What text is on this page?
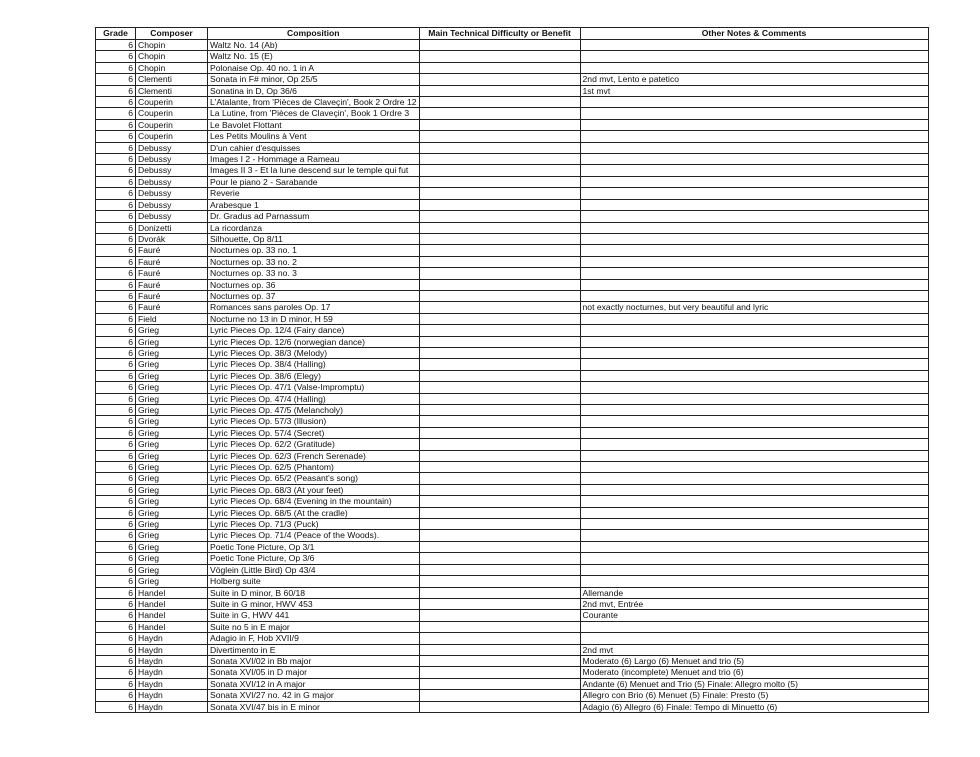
Grade	Composer	Composition	Main Technical Difficulty or Benefit	Other Notes & Comments
6	Chopin	Waltz No. 14 (Ab)		
6	Chopin	Waltz No. 15 (E)		
6	Chopin	Polonaise Op. 40 no. 1 in A		
6	Clementi	Sonata in F# minor, Op 25/5		2nd mvt, Lento e patetico
6	Clementi	Sonatina in D, Op 36/6		1st mvt
6	Couperin	L'Atalante, from 'Pièces de Claveçin', Book 2 Ordre 12		
6	Couperin	La Lutine, from 'Pièces de Claveçin', Book 1 Ordre 3		
6	Couperin	Le Bavolet Flottant		
6	Couperin	Les Petits Moulins à Vent		
6	Debussy	D'un cahier d'esquisses		
6	Debussy	Images I 2 - Hommage a Rameau		
6	Debussy	Images II 3 - Et la lune descend sur le temple qui fut		
6	Debussy	Pour le piano 2 - Sarabande		
6	Debussy	Reverie		
6	Debussy	Arabesque 1		
6	Debussy	Dr. Gradus ad Parnassum		
6	Donizetti	La ricordanza		
6	Dvorák	Silhouette, Op 8/11		
6	Fauré	Nocturnes op. 33 no. 1		
6	Fauré	Nocturnes op. 33 no. 2		
6	Fauré	Nocturnes op. 33 no. 3		
6	Fauré	Nocturnes op. 36		
6	Fauré	Nocturnes op. 37		
6	Fauré	Romances sans paroles Op. 17		not exactly nocturnes, but very beautiful and lyric
6	Field	Nocturne no 13 in D minor, H 59		
6	Grieg	Lyric Pieces Op. 12/4 (Fairy dance)		
6	Grieg	Lyric Pieces Op. 12/6 (norwegian dance)		
6	Grieg	Lyric Pieces Op. 38/3 (Melody)		
6	Grieg	Lyric Pieces Op. 38/4 (Halling)		
6	Grieg	Lyric Pieces Op. 38/6 (Elegy)		
6	Grieg	Lyric Pieces Op. 47/1 (Valse-Impromptu)		
6	Grieg	Lyric Pieces Op. 47/4 (Halling)		
6	Grieg	Lyric Pieces Op. 47/5 (Melancholy)		
6	Grieg	Lyric Pieces Op. 57/3 (Illusion)		
6	Grieg	Lyric Pieces Op. 57/4 (Secret)		
6	Grieg	Lyric Pieces Op. 62/2 (Gratitude)		
6	Grieg	Lyric Pieces Op. 62/3 (French Serenade)		
6	Grieg	Lyric Pieces Op. 62/5 (Phantom)		
6	Grieg	Lyric Pieces Op. 65/2 (Peasant's song)		
6	Grieg	Lyric Pieces Op. 68/3 (At your feet)		
6	Grieg	Lyric Pieces Op. 68/4 (Evening in the mountain)		
6	Grieg	Lyric Pieces Op. 68/5 (At the cradle)		
6	Grieg	Lyric Pieces Op. 71/3 (Puck)		
6	Grieg	Lyric Pieces Op. 71/4 (Peace of the Woods).		
6	Grieg	Poetic Tone Picture, Op 3/1		
6	Grieg	Poetic Tone Picture, Op 3/6		
6	Grieg	Vöglein (Little Bird) Op 43/4		
6	Grieg	Holberg suite		
6	Handel	Suite in D minor, B 60/18		Allemande
6	Handel	Suite in G minor, HWV 453		2nd mvt, Entrée
6	Handel	Suite in G, HWV 441		Courante
6	Handel	Suite no 5 in E major		
6	Haydn	Adagio in F, Hob XVII/9		
6	Haydn	Divertimento in E		2nd mvt
6	Haydn	Sonata XVI/02 in Bb major		Moderato (6) Largo (6) Menuet and trio (5)
6	Haydn	Sonata XVI/05 in D major		Moderato (incomplete) Menuet and trio (6)
6	Haydn	Sonata XVI/12 in A major		Andante (6) Menuet and Trio (5) Finale: Allegro molto (5)
6	Haydn	Sonata XVI/27 no. 42 in G major		Allegro con Brio (6) Menuet (5) Finale: Presto (5)
6	Haydn	Sonata XVI/47 bis in E minor		Adagio (6) Allegro (6) Finale: Tempo di Minuetto (6)
